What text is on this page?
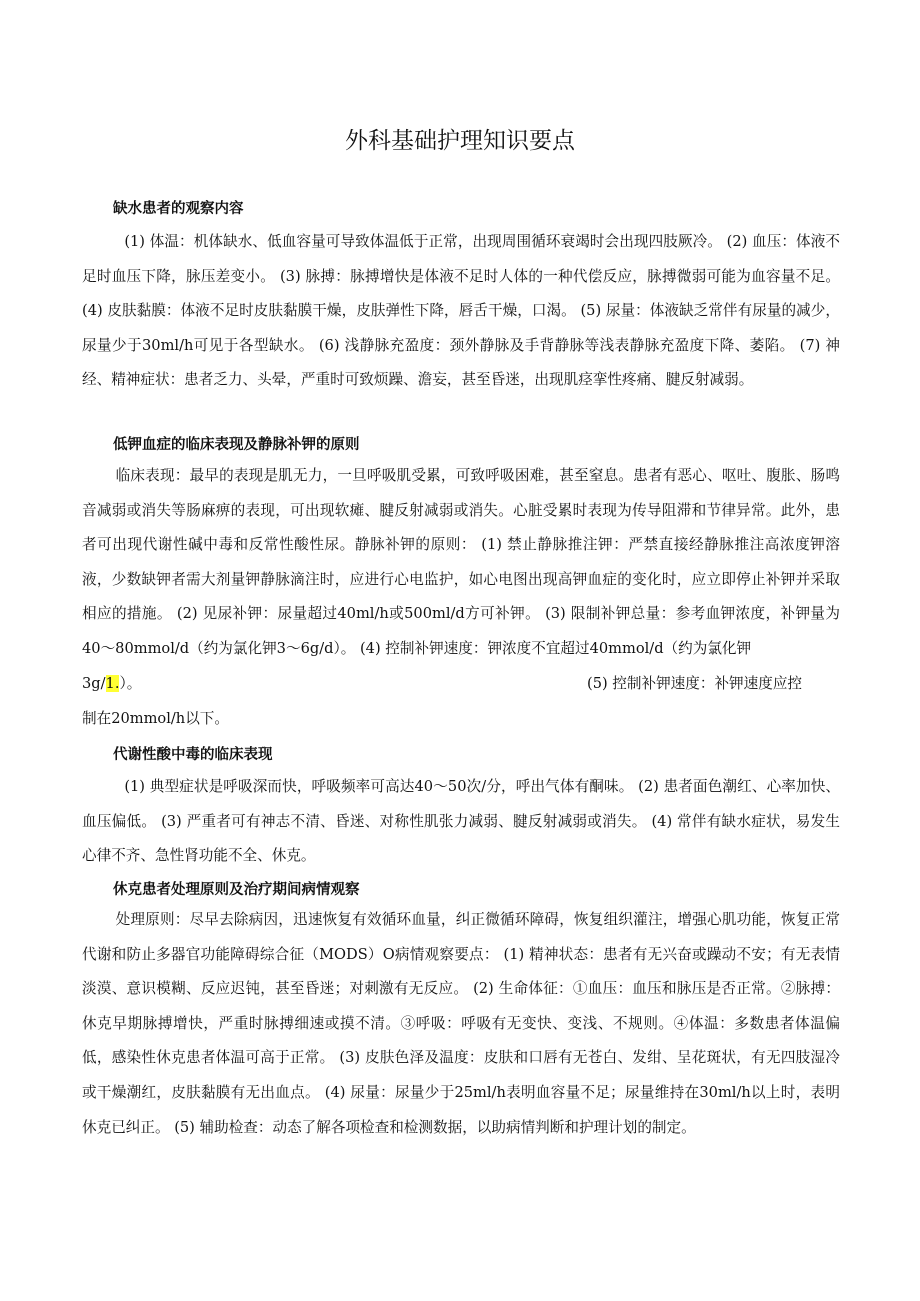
外科基础护理知识要点
缺水患者的观察内容

(1) 体温：机体缺水、低血容量可导致体温低于正常，出现周围循环衰竭时会出现四肢厥冷。 (2) 血压：体液不足时血压下降，脉压差变小。 (3) 脉搏：脉搏增快是体液不足时人体的一种代偿反应，脉搏微弱可能为血容量不足。 (4) 皮肤黏膜：体液不足时皮肤黏膜干燥，皮肤弹性下降，唇舌干燥，口渴。 (5) 尿量：体液缺乏常伴有尿量的减少，尿量少于30ml/h可见于各型缺水。 (6) 浅静脉充盈度：颈外静脉及手背静脉等浅表静脉充盈度下降、萎陷。 (7) 神经、精神症状：患者乏力、头晕，严重时可致烦躁、澹妄，甚至昏迷，出现肌痉挛性疼痛、腱反射减弱。

低钾血症的临床表现及静脉补钾的原则

临床表现：最早的表现是肌无力，一旦呼吸肌受累，可致呼吸困难，甚至窒息。患者有恶心、呕吐、腹胀、肠鸣音减弱或消失等肠麻痹的表现，可出现软瘫、腱反射减弱或消失。心脏受累时表现为传导阻滞和节律异常。此外，患者可出现代谢性碱中毒和反常性酸性尿。静脉补钾的原则： (1) 禁止静脉推注钾：严禁直接经静脉推注高浓度钾溶液，少数缺钾者需大剂量钾静脉滴注时，应进行心电监护，如心电图出现高钾血症的变化时，应立即停止补钾并采取相应的措施。 (2) 见尿补钾：尿量超过40ml/h或500ml/d方可补钾。 (3) 限制补钾总量：参考血钾浓度，补钾量为40～80mmol/d（约为氯化钾3～6g/d）。 (4) 控制补钾速度：钾浓度不宜超过40mmol/d（约为氯化钾

3g/1.）。	(5) 控制补钾速度：补钾速度应控
制在20mmol/h以下。
代谢性酸中毒的临床表现

(1) 典型症状是呼吸深而快，呼吸频率可高达40～50次/分，呼出气体有酮味。 (2) 患者面色潮红、心率加快、血压偏低。 (3) 严重者可有神志不清、昏迷、对称性肌张力减弱、腱反射减弱或消失。 (4) 常伴有缺水症状，易发生心律不齐、急性肾功能不全、休克。

休克患者处理原则及治疗期间病情观察

处理原则：尽早去除病因，迅速恢复有效循环血量，纠正微循环障碍，恢复组织灌注，增强心肌功能，恢复正常代谢和防止多器官功能障碍综合征（MODS）O病情观察要点： (1) 精神状态：患者有无兴奋或躁动不安；有无表情淡漠、意识模糊、反应迟钝，甚至昏迷；对刺激有无反应。 (2) 生命体征：①血压：血压和脉压是否正常。②脉搏：休克早期脉搏增快，严重时脉搏细速或摸不清。③呼吸：呼吸有无变快、变浅、不规则。④体温：多数患者体温偏低，感染性休克患者体温可高于正常。 (3) 皮肤色泽及温度：皮肤和口唇有无苍白、发绀、呈花斑状，有无四肢湿冷或干燥潮红，皮肤黏膜有无出血点。 (4) 尿量：尿量少于25ml/h表明血容量不足；尿量维持在30ml/h以上时，表明休克已纠正。 (5) 辅助检查：动态了解各项检查和检测数据，以助病情判断和护理计划的制定。
